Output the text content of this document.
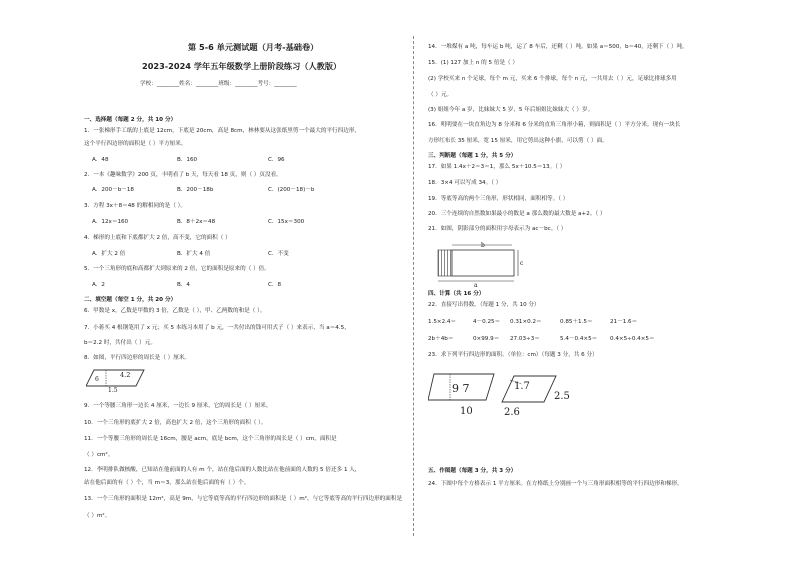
第 5-6 单元测试题（月考-基础卷）
2023-2024 学年五年级数学上册阶段练习（人教版）
学校：________姓名：________班级：________考号：________
一、选择题（每题 2 分，共 10 分）
1．一张梯形手工纸的上底是 12cm，下底是 20cm，高是 8cm，林林要从这张纸里剪一个最大的平行四边形，
这个平行四边形的面积是（ ）平方厘米。
A．48	B．160	C．96
2．一本《趣味数学》200 页，丰明看了 b 天，每天看 18 页，则（ ）页没看。
A．200－b－18	B．200－18b	C．(200－18)－b
3．方程 3x＋8＝48 的解相同的是（ ）。
A．12x＝160	B．8＋2x＝48	C．15x＝300
4．梯形的上底和下底都扩大 2 倍，高不变，它的面积（ ）
A．扩大 2 倍	B．扩大 4 倍	C．不变
5．一个三角形的底和高都扩大到原来的 2 倍，它的面积是原来的（ ）倍。
A．2	B．4	C．8
二、填空题（每空 1 分，共 20 分）
6．甲数是 x，乙数是甲数的 3 倍，乙数是（ ），甲、乙两数的和是（ ）。
7．小蒋买 4 根钢笔用了 x 元；买 5 本练习本用了 b 元，一共付出的钱可用式子（ ）来表示，当 a＝4.5，
b＝2.2 时，共付出（ ）元。
8．如图，平行四边形的周长是（ ）厘米。
9．一个等腰三角形一边长 4 厘米，一边长 9 厘米，它的周长是（ ）厘米。
10．一个三角形的底扩大 2 倍，高也扩大 2 倍，这个三角形的面积（ ）。
11．一个等腰三角形的周长是 16cm，腰是 acm，底是 bcm，这个三角形的周长是（ ）cm，面积是
（ ）cm²。
12．李明排队做核酸，已知站在他前面的人有 m 个，站在他后面的人数比站在他前面的人数的 5 倍还多 1 人，
站在他后面的有（ ）个，当 m＝3，那么站在他后面的有（ ）个。
13．一个三角形的面积是 12m²，高是 9m，与它等底等高的平行四边形的面积是（ ）m²，与它等底等高的平行四边形的面积是
（ ）m²。
14．一堆煤有 a 吨，每车运 b 吨，运了 8 车后，还剩（ ）吨。如果 a＝500，b＝40，还剩下（ ）吨。
15．(1) 127 加上 n 的 5 倍是（ ）
(2) 学校买来 n 个足球，每个 m 元，买来 6 个排球，每个 n 元，一共用去（ ）元，足球比排球多用
（ ）元。
(3) 姐姐今年 a 岁，比妹妹大 5 岁，5 年后姐姐比妹妹大（ ）岁。
16．明明要在一块直角边为 8 分米和 6 分米的直角三角形小箱，则面积是（ ）平方分米。现有一块长
方形红布长 35 厘米，宽 15 厘米，用它剪出这种小旗，可以剪（ ）面。
三、判断题（每题 1 分，共 5 分）
17．如果 1.4x＋2＝3＝1，那么 5x＋10.5＝13。（ ）
18．3×4 可以写成 34。（ ）
19．等底等高的两个三角形，形状相同，面积相等。（ ）
20．三个连续的自然数如果最小的数是 a 那么数的最大数是 a+2。（ ）
21．如图，阴影部分的面积用字母表示为 ac－bc。（ ）
四、计算（共 16 分）
22．直接写出得数。（每题 1 分，共 10 分）
1.5×2.4＝	4－0.25＝ 0.31×0.2＝	0.85＋1.5＝	21－1.6＝
2b＋4b＝	0×99.9＝ 27.03÷3＝	5.4－0.4×5＝ 0.4×5÷0.4×5＝
23．求下列平行四边形的面积。（单位：cm）（每题 3 分，共 6 分）
五、作图题（每题 3 分，共 3 分）
24．下图中每个方格表示 1 平方厘米。在方格纸上分别画一个与三角形面积相等的平行四边形和梯形。
4.2
6
1.5
b
c
a
9 7
10
1.7
2.5
2.6
